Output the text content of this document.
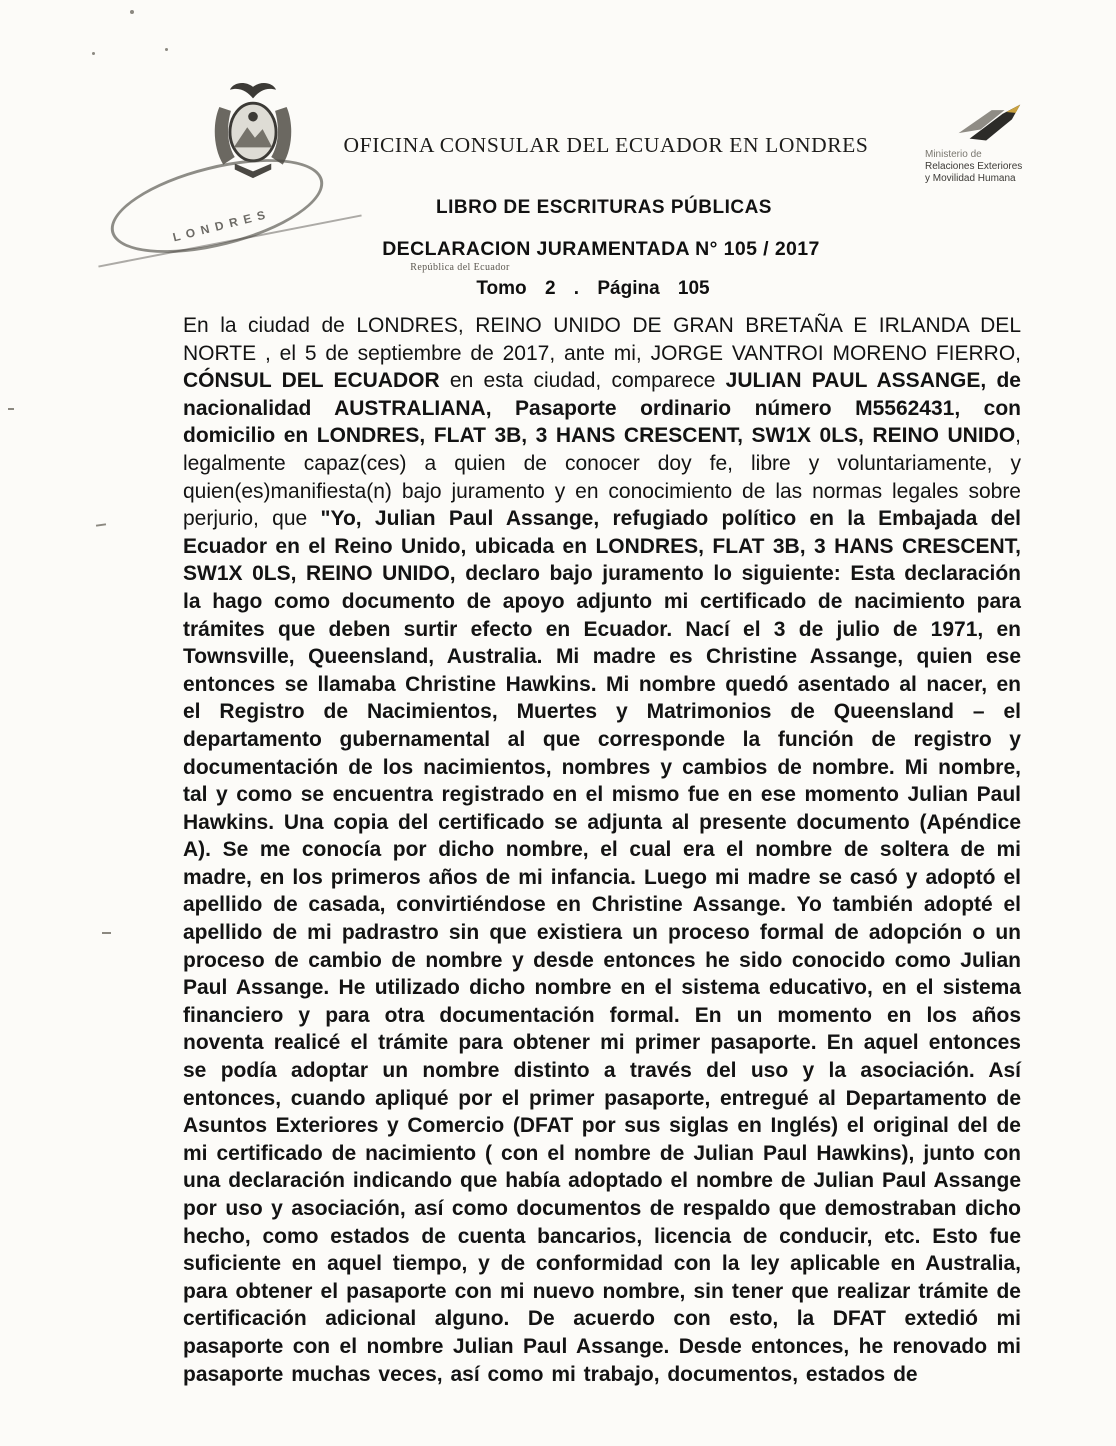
República del Ecuador
LONDRES
Ministerio de
Relaciones Exteriores
y Movilidad Humana
OFICINA CONSULAR DEL ECUADOR EN LONDRES
LIBRO DE ESCRITURAS PÚBLICAS
DECLARACION JURAMENTADA N° 105 / 2017
Tomo 2 . Página 105
En la ciudad de LONDRES, REINO UNIDO DE GRAN BRETAÑA E IRLANDA DEL NORTE , el 5 de septiembre de 2017, ante mi, JORGE VANTROI MORENO FIERRO, CÓNSUL DEL ECUADOR en esta ciudad, comparece JULIAN PAUL ASSANGE, de nacionalidad AUSTRALIANA, Pasaporte ordinario número M5562431, con domicilio en LONDRES, FLAT 3B, 3 HANS CRESCENT, SW1X 0LS, REINO UNIDO, legalmente capaz(ces) a quien de conocer doy fe, libre y voluntariamente, y quien(es)manifiesta(n) bajo juramento y en conocimiento de las normas legales sobre perjurio, que "Yo, Julian Paul Assange, refugiado político en la Embajada del Ecuador en el Reino Unido, ubicada en LONDRES, FLAT 3B, 3 HANS CRESCENT, SW1X 0LS, REINO UNIDO, declaro bajo juramento lo siguiente: Esta declaración la hago como documento de apoyo adjunto mi certificado de nacimiento para trámites que deben surtir efecto en Ecuador. Nací el 3 de julio de 1971, en Townsville, Queensland, Australia. Mi madre es Christine Assange, quien ese entonces se llamaba Christine Hawkins. Mi nombre quedó asentado al nacer, en el Registro de Nacimientos, Muertes y Matrimonios de Queensland – el departamento gubernamental al que corresponde la función de registro y documentación de los nacimientos, nombres y cambios de nombre. Mi nombre, tal y como se encuentra registrado en el mismo fue en ese momento Julian Paul Hawkins. Una copia del certificado se adjunta al presente documento (Apéndice A). Se me conocía por dicho nombre, el cual era el nombre de soltera de mi madre, en los primeros años de mi infancia. Luego mi madre se casó y adoptó el apellido de casada, convirtiéndose en Christine Assange. Yo también adopté el apellido de mi padrastro sin que existiera un proceso formal de adopción o un proceso de cambio de nombre y desde entonces he sido conocido como Julian Paul Assange. He utilizado dicho nombre en el sistema educativo, en el sistema financiero y para otra documentación formal. En un momento en los años noventa realicé el trámite para obtener mi primer pasaporte. En aquel entonces se podía adoptar un nombre distinto a través del uso y la asociación. Así entonces, cuando apliqué por el primer pasaporte, entregué al Departamento de Asuntos Exteriores y Comercio (DFAT por sus siglas en Inglés) el original del de mi certificado de nacimiento ( con el nombre de Julian Paul Hawkins), junto con una declaración indicando que había adoptado el nombre de Julian Paul Assange por uso y asociación, así como documentos de respaldo que demostraban dicho hecho, como estados de cuenta bancarios, licencia de conducir, etc. Esto fue suficiente en aquel tiempo, y de conformidad con la ley aplicable en Australia, para obtener el pasaporte con mi nuevo nombre, sin tener que realizar trámite de certificación adicional alguno. De acuerdo con esto, la DFAT extedió mi pasaporte con el nombre Julian Paul Assange. Desde entonces, he renovado mi pasaporte muchas veces, así como mi trabajo, documentos, estados de
